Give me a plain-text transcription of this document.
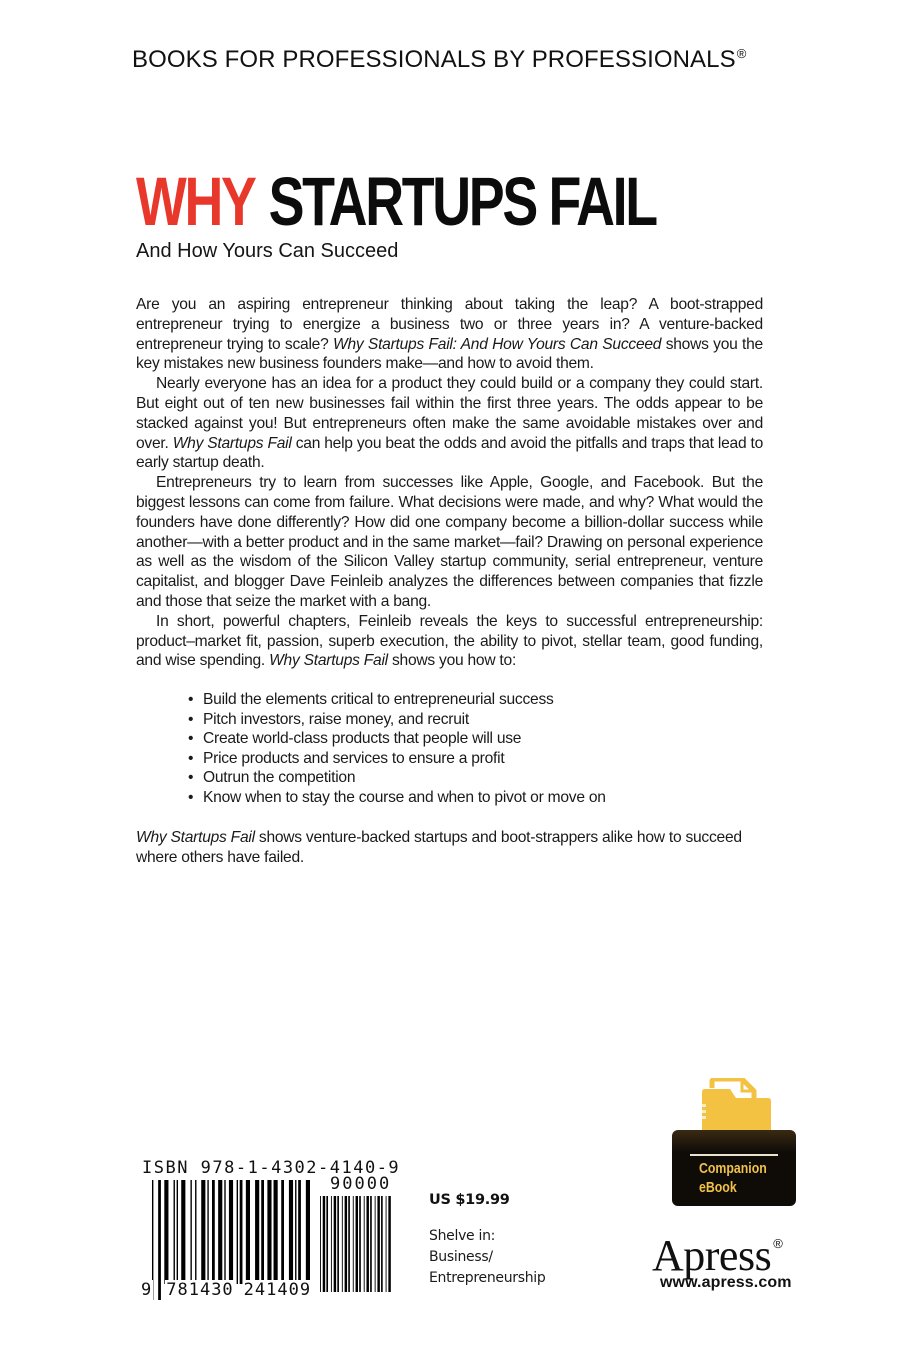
BOOKS FOR PROFESSIONALS BY PROFESSIONALS®
WHY STARTUPS FAIL
And How Yours Can Succeed

Are you an aspiring entrepreneur thinking about taking the leap? A boot-strapped entrepreneur trying to energize a business two or three years in? A venture-backed entrepreneur trying to scale? Why Startups Fail: And How Yours Can Succeed shows you the key mistakes new business founders make—and how to avoid them.

Nearly everyone has an idea for a product they could build or a company they could start. But eight out of ten new businesses fail within the first three years. The odds appear to be stacked against you! But entrepreneurs often make the same avoidable mistakes over and over. Why Startups Fail can help you beat the odds and avoid the pitfalls and traps that lead to early startup death.

Entrepreneurs try to learn from successes like Apple, Google, and Facebook. But the biggest lessons can come from failure. What decisions were made, and why? What would the founders have done differently? How did one company become a billion-dollar success while another—with a better product and in the same market—fail? Drawing on personal experience as well as the wisdom of the Silicon Valley startup community, serial entrepreneur, venture capitalist, and blogger Dave Feinleib analyzes the differences between companies that fizzle and those that seize the market with a bang.

In short, powerful chapters, Feinleib reveals the keys to successful entrepreneurship: product–market fit, passion, superb execution, the ability to pivot, stellar team, good funding, and wise spending. Why Startups Fail shows you how to:

• Build the elements critical to entrepreneurial success
• Pitch investors, raise money, and recruit
• Create world-class products that people will use
• Price products and services to ensure a profit
• Outrun the competition
• Know when to stay the course and when to pivot or move on
Why Startups Fail shows venture-backed startups and boot-strappers alike how to succeed where others have failed.
ISBN 978-1-4302-4140-9
90000
9 781430 241409
US $19.99
Shelve in:
Business/
Entrepreneurship
Companion
eBook
Apress ®
www.apress.com
